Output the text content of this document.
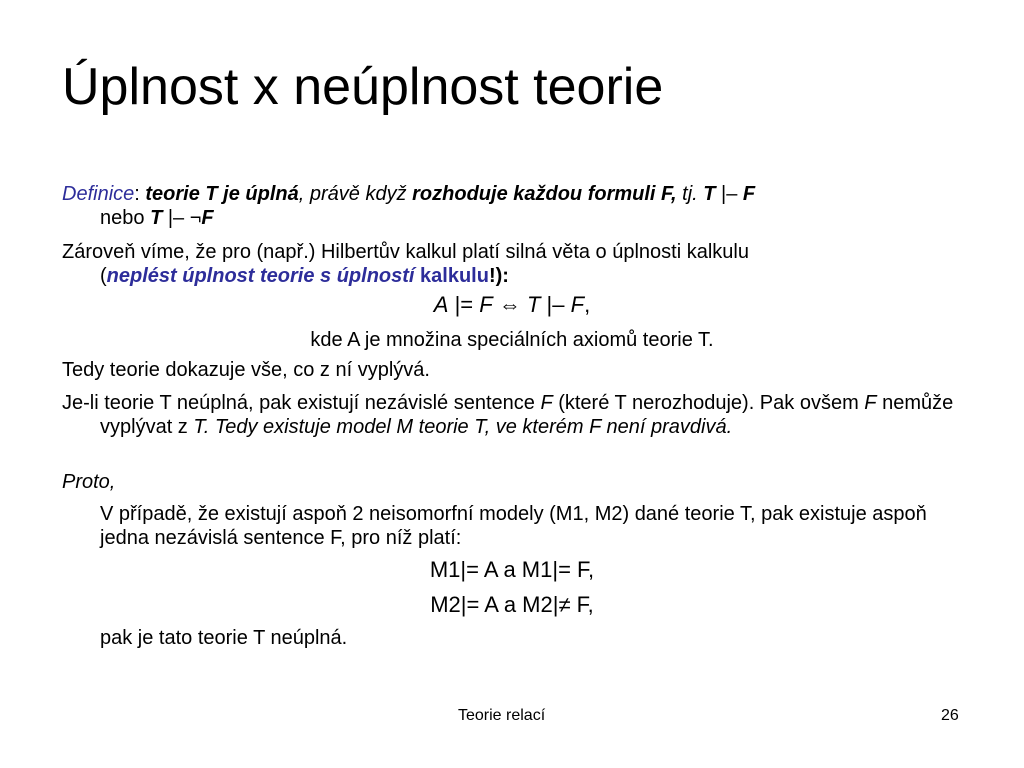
Úplnost x neúplnost teorie

Definice: teorie T je úplná, právě když rozhoduje každou formuli F, tj. T |– F
nebo T |– ¬F

Zároveň víme, že pro (např.) Hilbertův kalkul platí silná věta o úplnosti kalkulu
(neplést úplnost teorie s úplností kalkulu!):

A |= F ⇔ T |– F,

kde A je množina speciálních axiomů teorie T.

Tedy teorie dokazuje vše, co z ní vyplývá.

Je-li teorie T neúplná, pak existují nezávislé sentence F (které T nerozhoduje). Pak ovšem F nemůže vyplývat z T. Tedy existuje model M teorie T, ve kterém F není pravdivá.

Proto,

V případě, že existují aspoň 2 neisomorfní modely (M1, M2) dané teorie T, pak existuje aspoň jedna nezávislá sentence F, pro níž platí:

M1|= A a M1|= F,

M2|= A a M2|≠ F,

pak je tato teorie T neúplná.

Teorie relací	26
